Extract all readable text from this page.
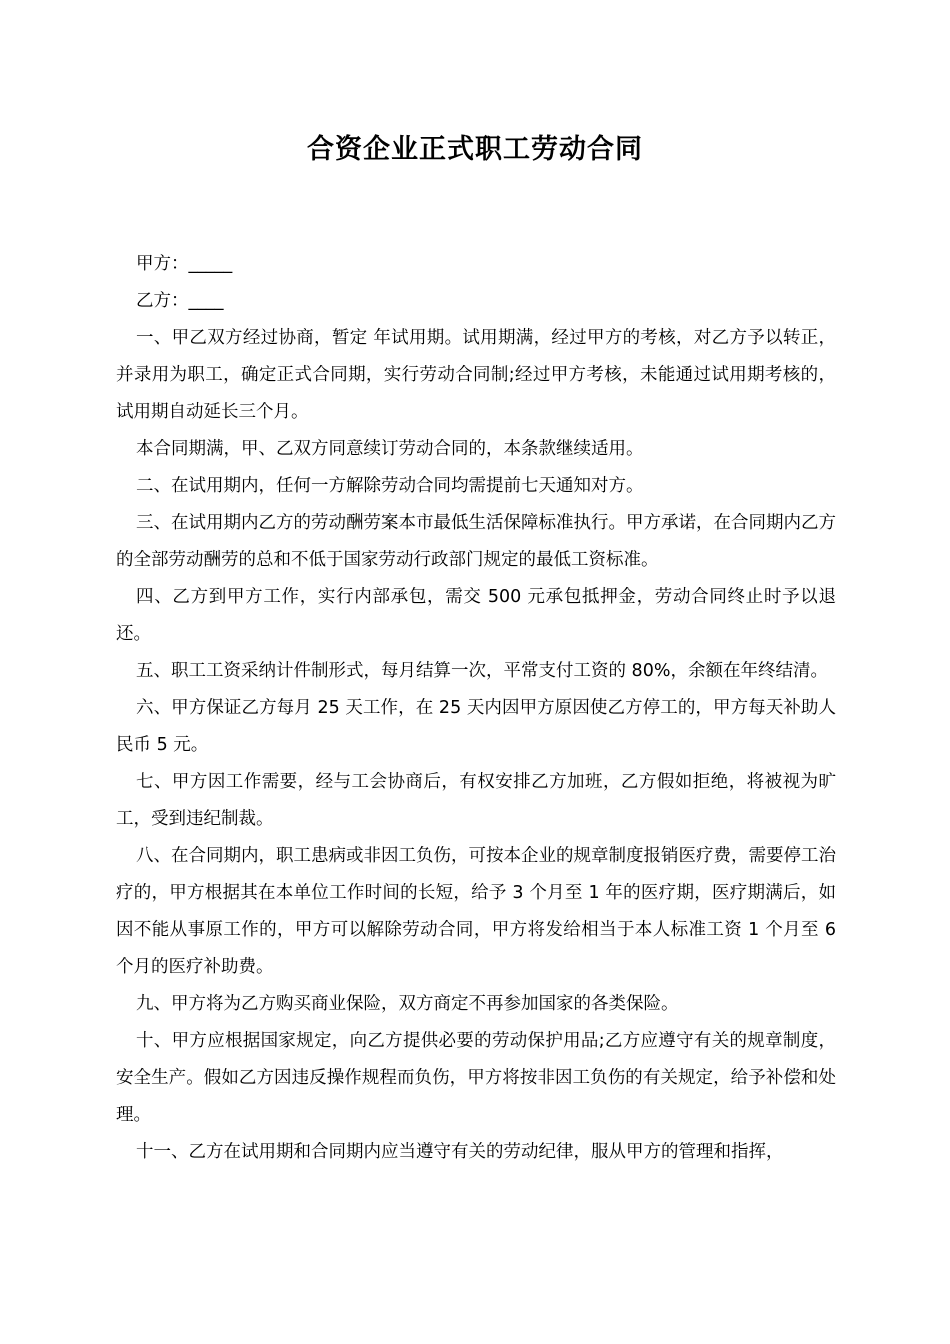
合资企业正式职工劳动合同

甲方：_____

乙方：____

一、甲乙双方经过协商，暂定 年试用期。试用期满，经过甲方的考核，对乙方予以转正，并录用为职工，确定正式合同期，实行劳动合同制;经过甲方考核，未能通过试用期考核的，试用期自动延长三个月。

本合同期满，甲、乙双方同意续订劳动合同的，本条款继续适用。

二、在试用期内，任何一方解除劳动合同均需提前七天通知对方。

三、在试用期内乙方的劳动酬劳案本市最低生活保障标准执行。甲方承诺，在合同期内乙方的全部劳动酬劳的总和不低于国家劳动行政部门规定的最低工资标准。

四、乙方到甲方工作，实行内部承包，需交 500 元承包抵押金，劳动合同终止时予以退还。

五、职工工资采纳计件制形式，每月结算一次，平常支付工资的 80%，余额在年终结清。

六、甲方保证乙方每月 25 天工作，在 25 天内因甲方原因使乙方停工的，甲方每天补助人民币 5 元。

七、甲方因工作需要，经与工会协商后，有权安排乙方加班，乙方假如拒绝，将被视为旷工，受到违纪制裁。

八、在合同期内，职工患病或非因工负伤，可按本企业的规章制度报销医疗费，需要停工治疗的，甲方根据其在本单位工作时间的长短，给予 3 个月至 1 年的医疗期，医疗期满后，如因不能从事原工作的，甲方可以解除劳动合同，甲方将发给相当于本人标准工资 1 个月至 6 个月的医疗补助费。

九、甲方将为乙方购买商业保险，双方商定不再参加国家的各类保险。

十、甲方应根据国家规定，向乙方提供必要的劳动保护用品;乙方应遵守有关的规章制度，安全生产。假如乙方因违反操作规程而负伤，甲方将按非因工负伤的有关规定，给予补偿和处理。

十一、乙方在试用期和合同期内应当遵守有关的劳动纪律，服从甲方的管理和指挥，
